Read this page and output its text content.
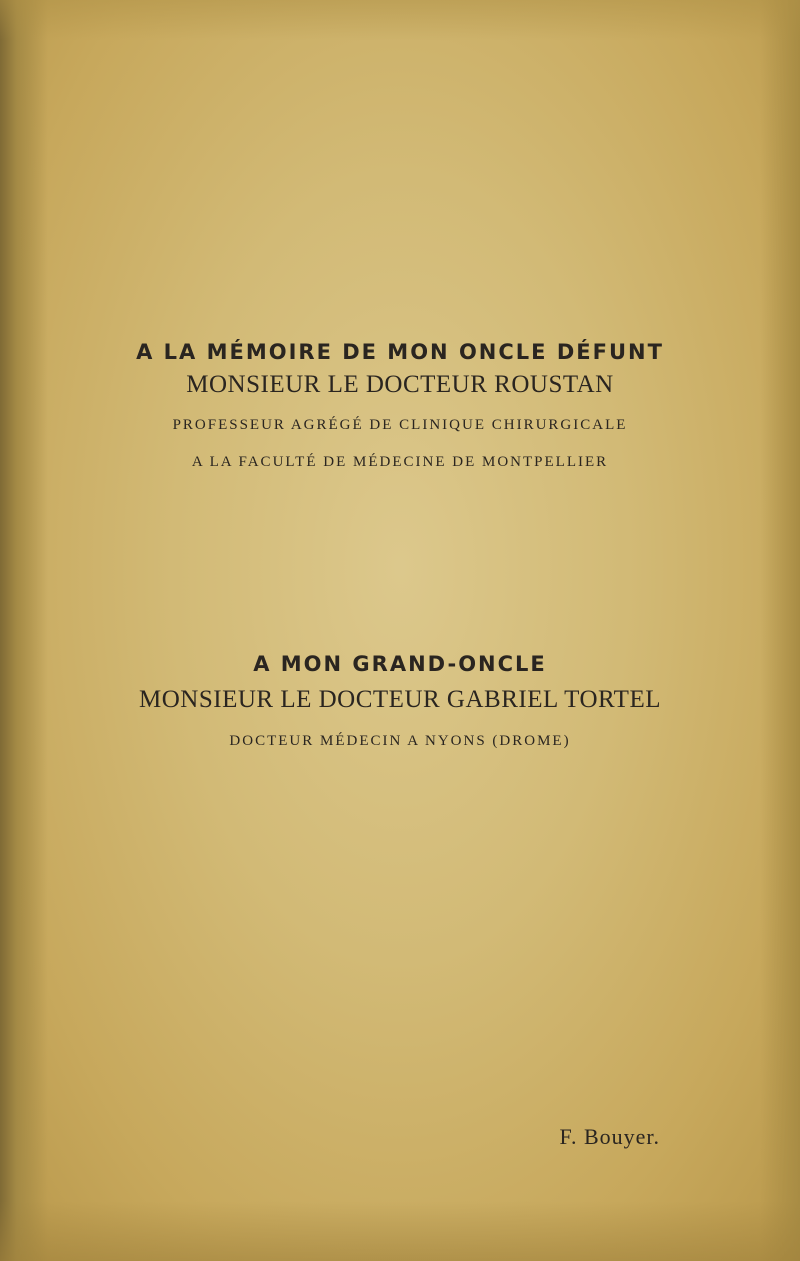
A LA MÉMOIRE DE MON ONCLE DÉFUNT
MONSIEUR LE DOCTEUR ROUSTAN
PROFESSEUR AGRÉGÉ DE CLINIQUE CHIRURGICALE
A LA FACULTÉ DE MÉDECINE DE MONTPELLIER
A MON GRAND-ONCLE
MONSIEUR LE DOCTEUR GABRIEL TORTEL
DOCTEUR MÉDECIN A NYONS (DROME)
F. Bouyer.
